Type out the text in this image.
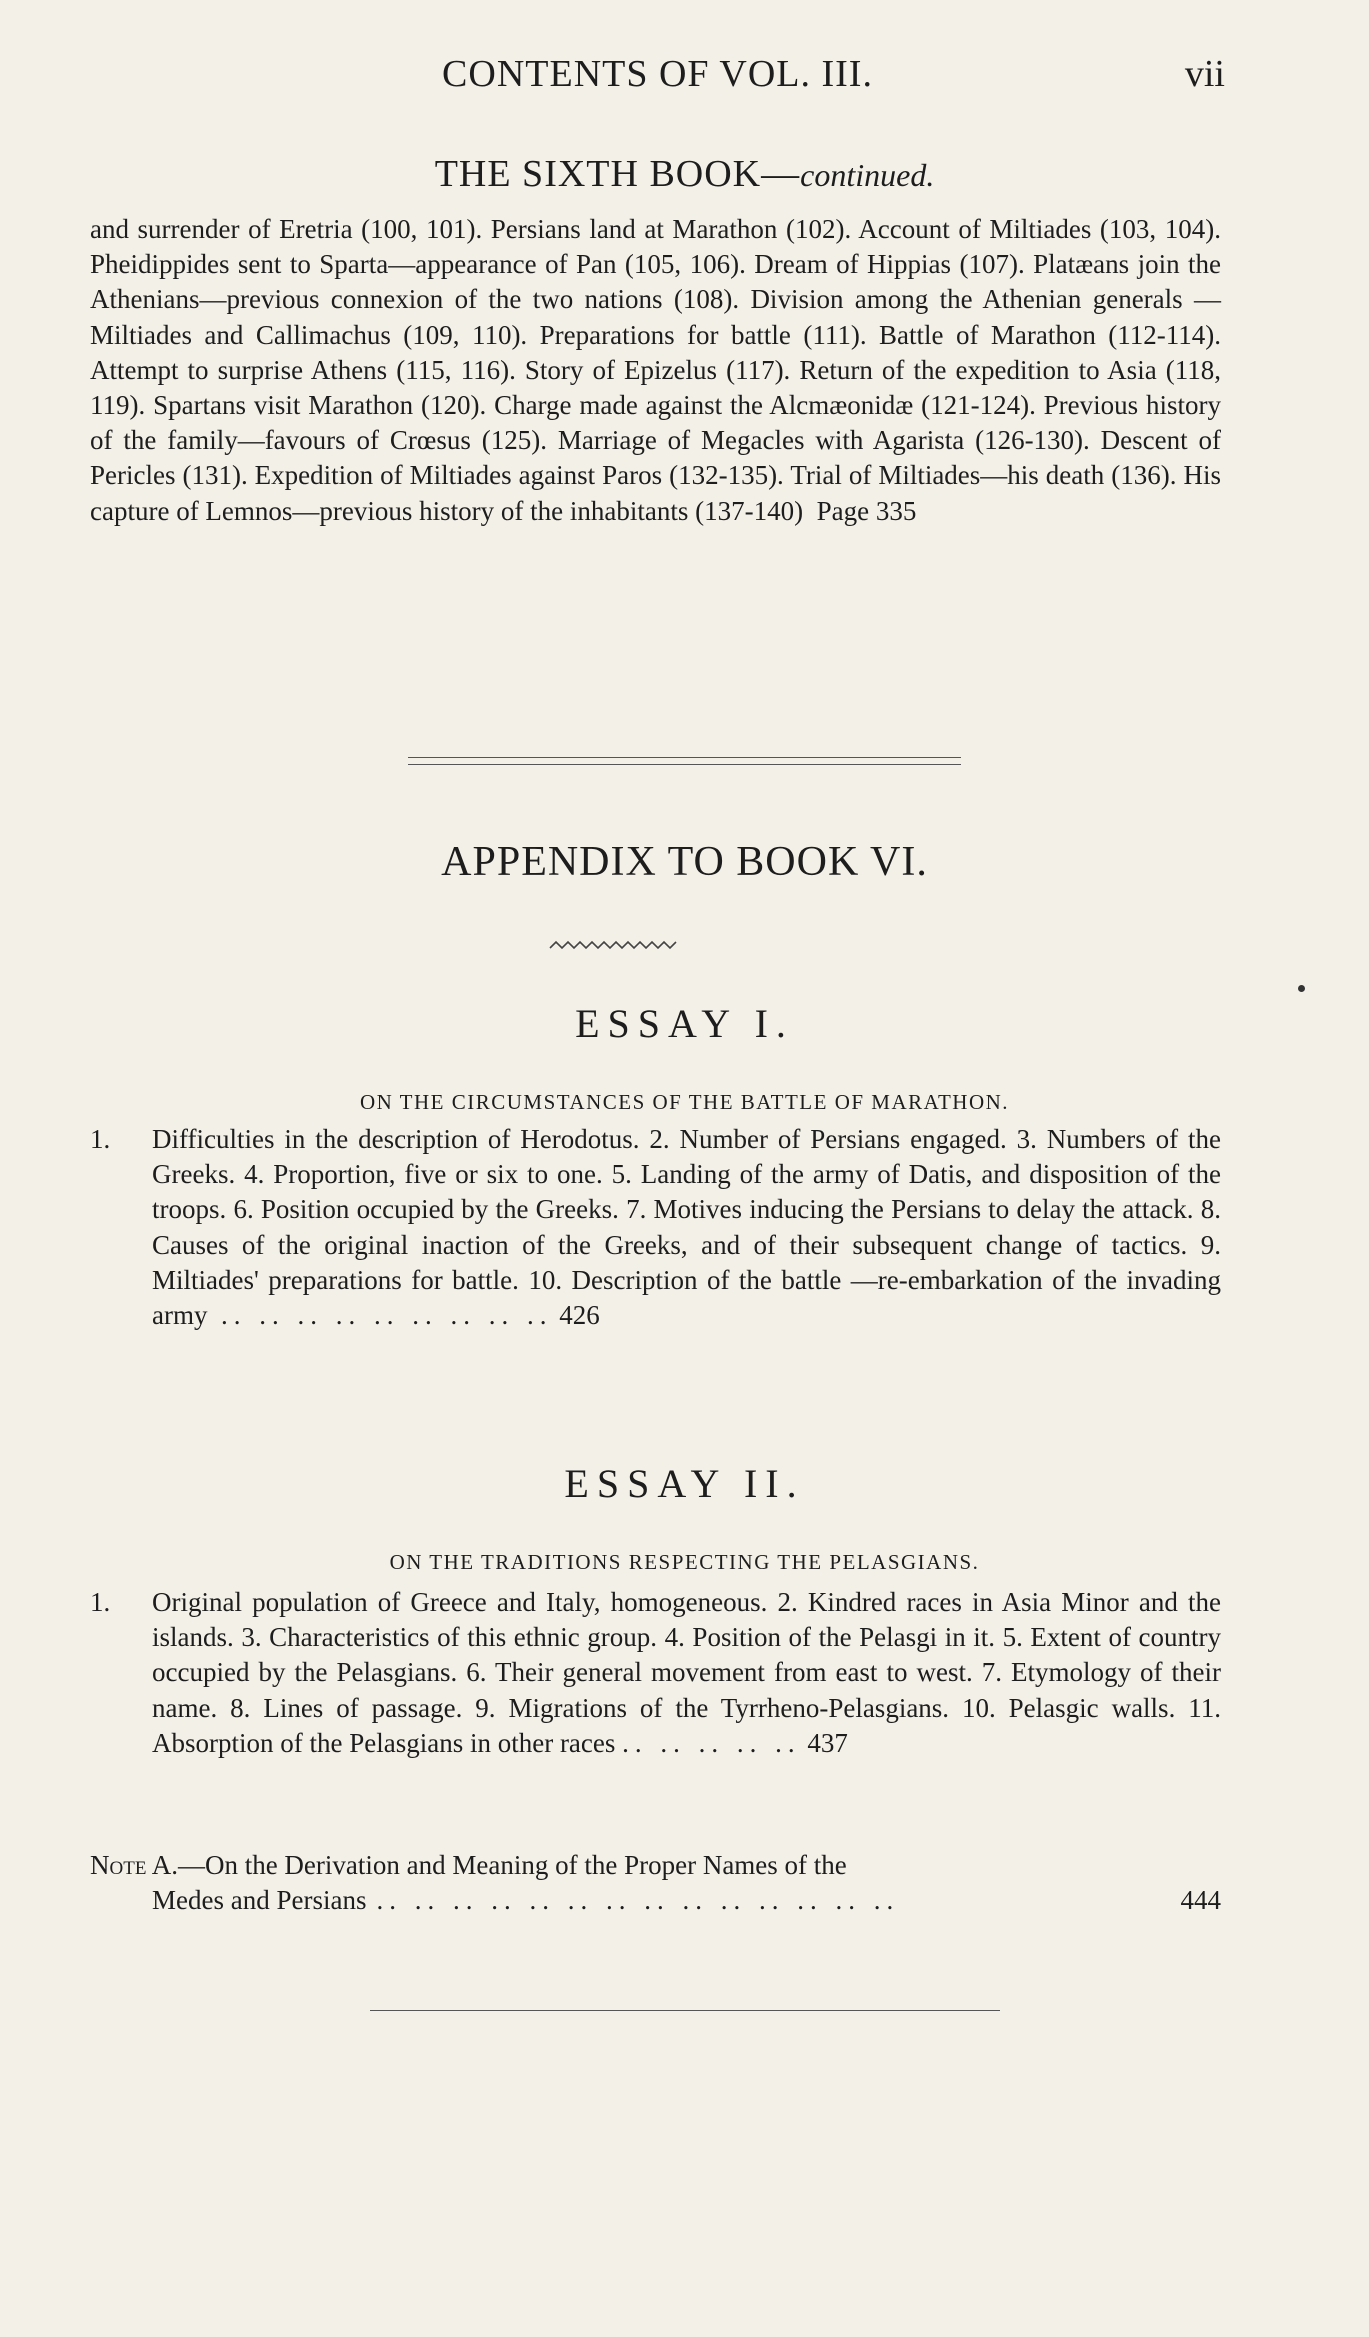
CONTENTS OF VOL. III.	vii
THE SIXTH BOOK—continued.
and surrender of Eretria (100, 101). Persians land at Marathon (102). Account of Miltiades (103, 104). Pheidippides sent to Sparta—appearance of Pan (105, 106). Dream of Hippias (107). Platæans join the Athenians—previous connexion of the two nations (108). Division among the Athenian generals —Miltiades and Callimachus (109, 110). Preparations for battle (111). Battle of Marathon (112-114). Attempt to surprise Athens (115, 116). Story of Epizelus (117). Return of the expedition to Asia (118, 119). Spartans visit Marathon (120). Charge made against the Alcmæonidæ (121-124). Previous history of the family—favours of Crœsus (125). Marriage of Megacles with Agarista (126-130). Descent of Pericles (131). Expedition of Miltiades against Paros (132-135). Trial of Miltiades—his death (136). His capture of Lemnos—previous history of the inhabitants (137-140) Page 335
APPENDIX TO BOOK VI.
ESSAY I.
ON THE CIRCUMSTANCES OF THE BATTLE OF MARATHON.
1. Difficulties in the description of Herodotus. 2. Number of Persians engaged. 3. Numbers of the Greeks. 4. Proportion, five or six to one. 5. Landing of the army of Datis, and disposition of the troops. 6. Position occupied by the Greeks. 7. Motives inducing the Persians to delay the attack. 8. Causes of the original inaction of the Greeks, and of their subsequent change of tactics. 9. Miltiades' preparations for battle. 10. Description of the battle —re-embarkation of the invading army .. .. .. .. .. .. .. .. .. 426
ESSAY II.
ON THE TRADITIONS RESPECTING THE PELASGIANS.
1. Original population of Greece and Italy, homogeneous. 2. Kindred races in Asia Minor and the islands. 3. Characteristics of this ethnic group. 4. Position of the Pelasgi in it. 5. Extent of country occupied by the Pelasgians. 6. Their general movement from east to west. 7. Etymology of their name. 8. Lines of passage. 9. Migrations of the Tyrrheno-Pelasgians. 10. Pelasgic walls. 11. Absorption of the Pelasgians in other races .. .. .. .. .. 437
Note A.—On the Derivation and Meaning of the Proper Names of the
Medes and Persians .. .. .. .. .. .. .. .. .. .. .. .. .. ..	444
